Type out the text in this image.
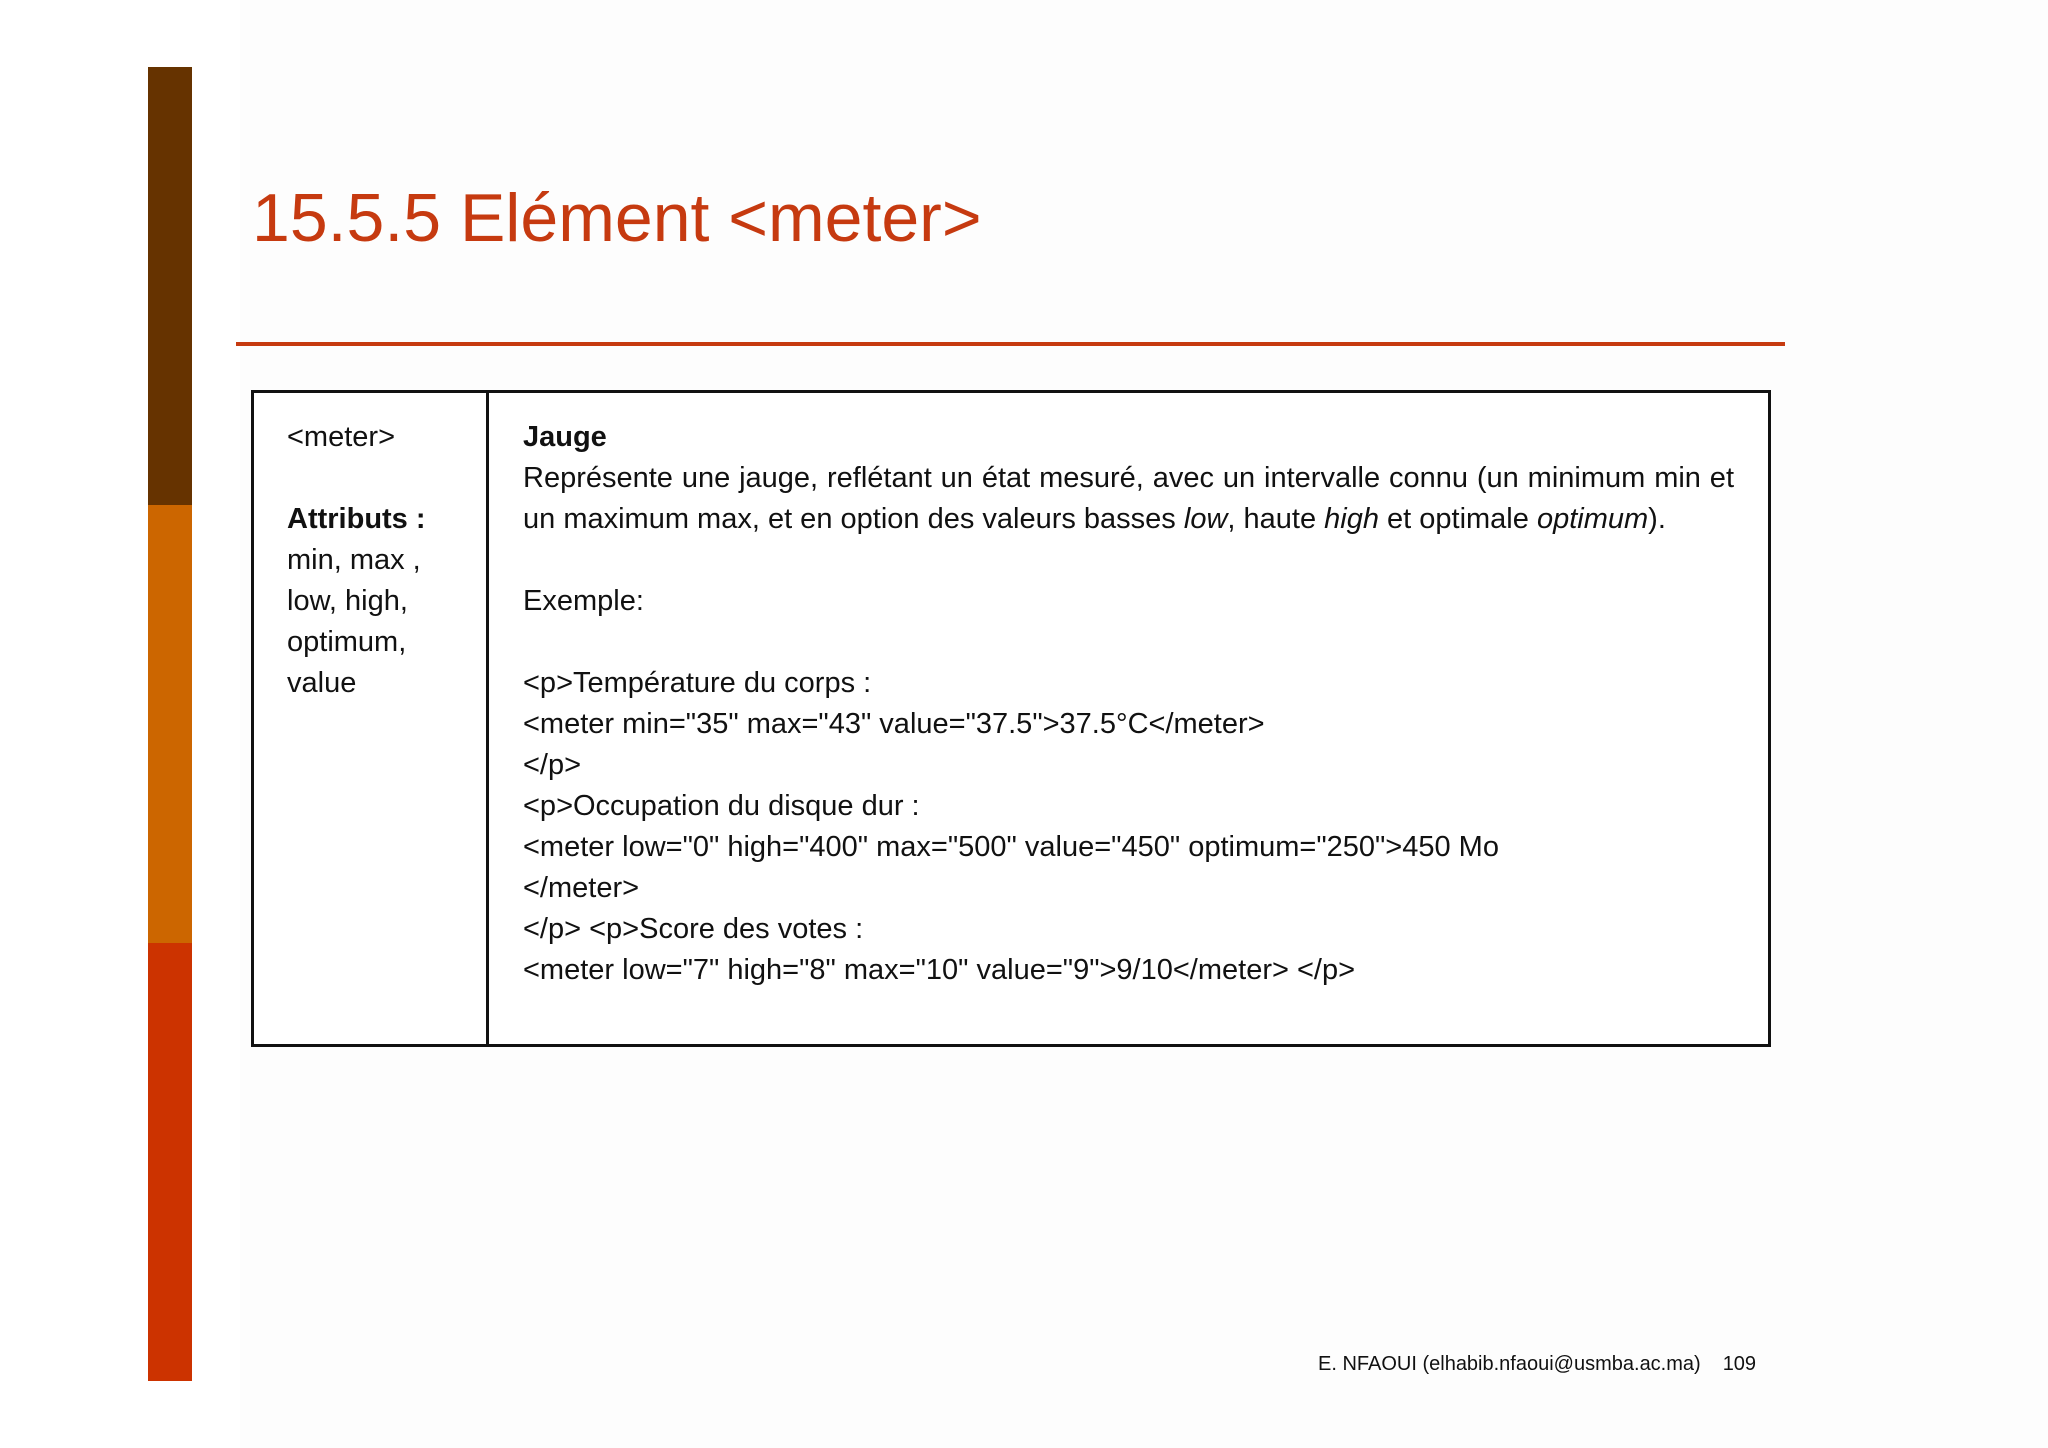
15.5.5 Elément <meter>
<meter>
Attributs :
min, max ,
low, high,
optimum,
value
Jauge
Représente une jauge, reflétant un état mesuré, avec un intervalle connu (un minimum min et un maximum max, et en option des valeurs basses low, haute high et optimale optimum).
Exemple:
<p>Température du corps :
<meter min="35" max="43" value="37.5">37.5°C</meter>
</p>
<p>Occupation du disque dur :
<meter low="0" high="400" max="500" value="450" optimum="250">450 Mo
</meter>
</p> <p>Score des votes :
<meter low="7" high="8" max="10" value="9">9/10</meter> </p>
E. NFAOUI (elhabib.nfaoui@usmba.ac.ma) 109
